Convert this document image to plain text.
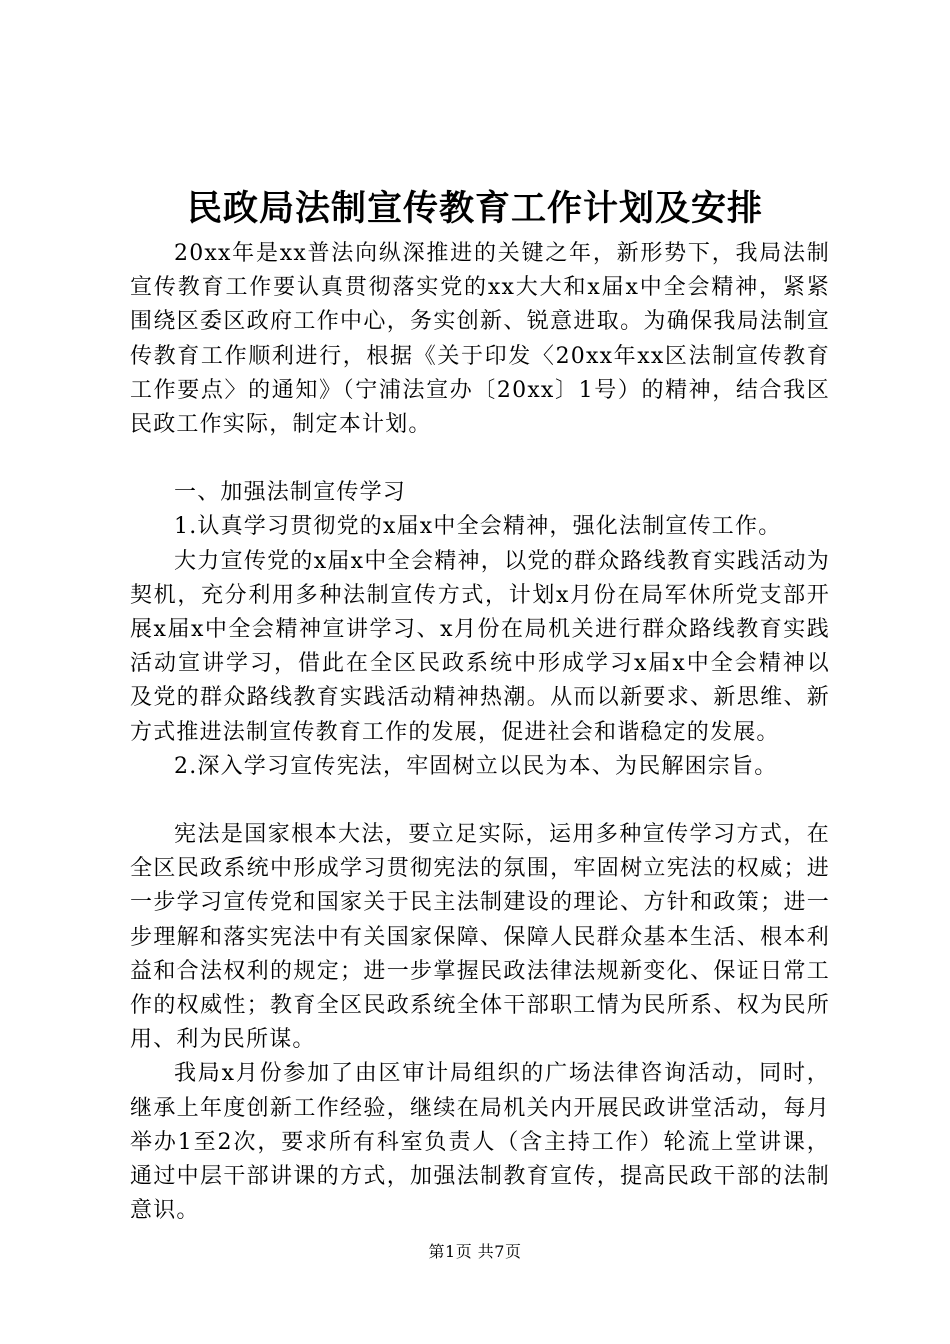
民政局法制宣传教育工作计划及安排

20xx年是xx普法向纵深推进的关键之年，新形势下，我局法制宣传教育工作要认真贯彻落实党的xx大大和x届x中全会精神，紧紧围绕区委区政府工作中心，务实创新、锐意进取。为确保我局法制宣传教育工作顺利进行，根据《关于印发〈20xx年xx区法制宣传教育工作要点〉的通知》（宁浦法宣办〔20xx〕1号）的精神，结合我区民政工作实际，制定本计划。

一、加强法制宣传学习

1.认真学习贯彻党的x届x中全会精神，强化法制宣传工作。

大力宣传党的x届x中全会精神，以党的群众路线教育实践活动为契机，充分利用多种法制宣传方式，计划x月份在局军休所党支部开展x届x中全会精神宣讲学习、x月份在局机关进行群众路线教育实践活动宣讲学习，借此在全区民政系统中形成学习x届x中全会精神以及党的群众路线教育实践活动精神热潮。从而以新要求、新思维、新方式推进法制宣传教育工作的发展，促进社会和谐稳定的发展。

2.深入学习宣传宪法，牢固树立以民为本、为民解困宗旨。

宪法是国家根本大法，要立足实际，运用多种宣传学习方式，在全区民政系统中形成学习贯彻宪法的氛围，牢固树立宪法的权威；进一步学习宣传党和国家关于民主法制建设的理论、方针和政策；进一步理解和落实宪法中有关国家保障、保障人民群众基本生活、根本利益和合法权利的规定；进一步掌握民政法律法规新变化、保证日常工作的权威性；教育全区民政系统全体干部职工情为民所系、权为民所用、利为民所谋。

我局x月份参加了由区审计局组织的广场法律咨询活动，同时，继承上年度创新工作经验，继续在局机关内开展民政讲堂活动，每月举办1至2次，要求所有科室负责人（含主持工作）轮流上堂讲课，通过中层干部讲课的方式，加强法制教育宣传，提高民政干部的法制意识。

第1页 共7页
